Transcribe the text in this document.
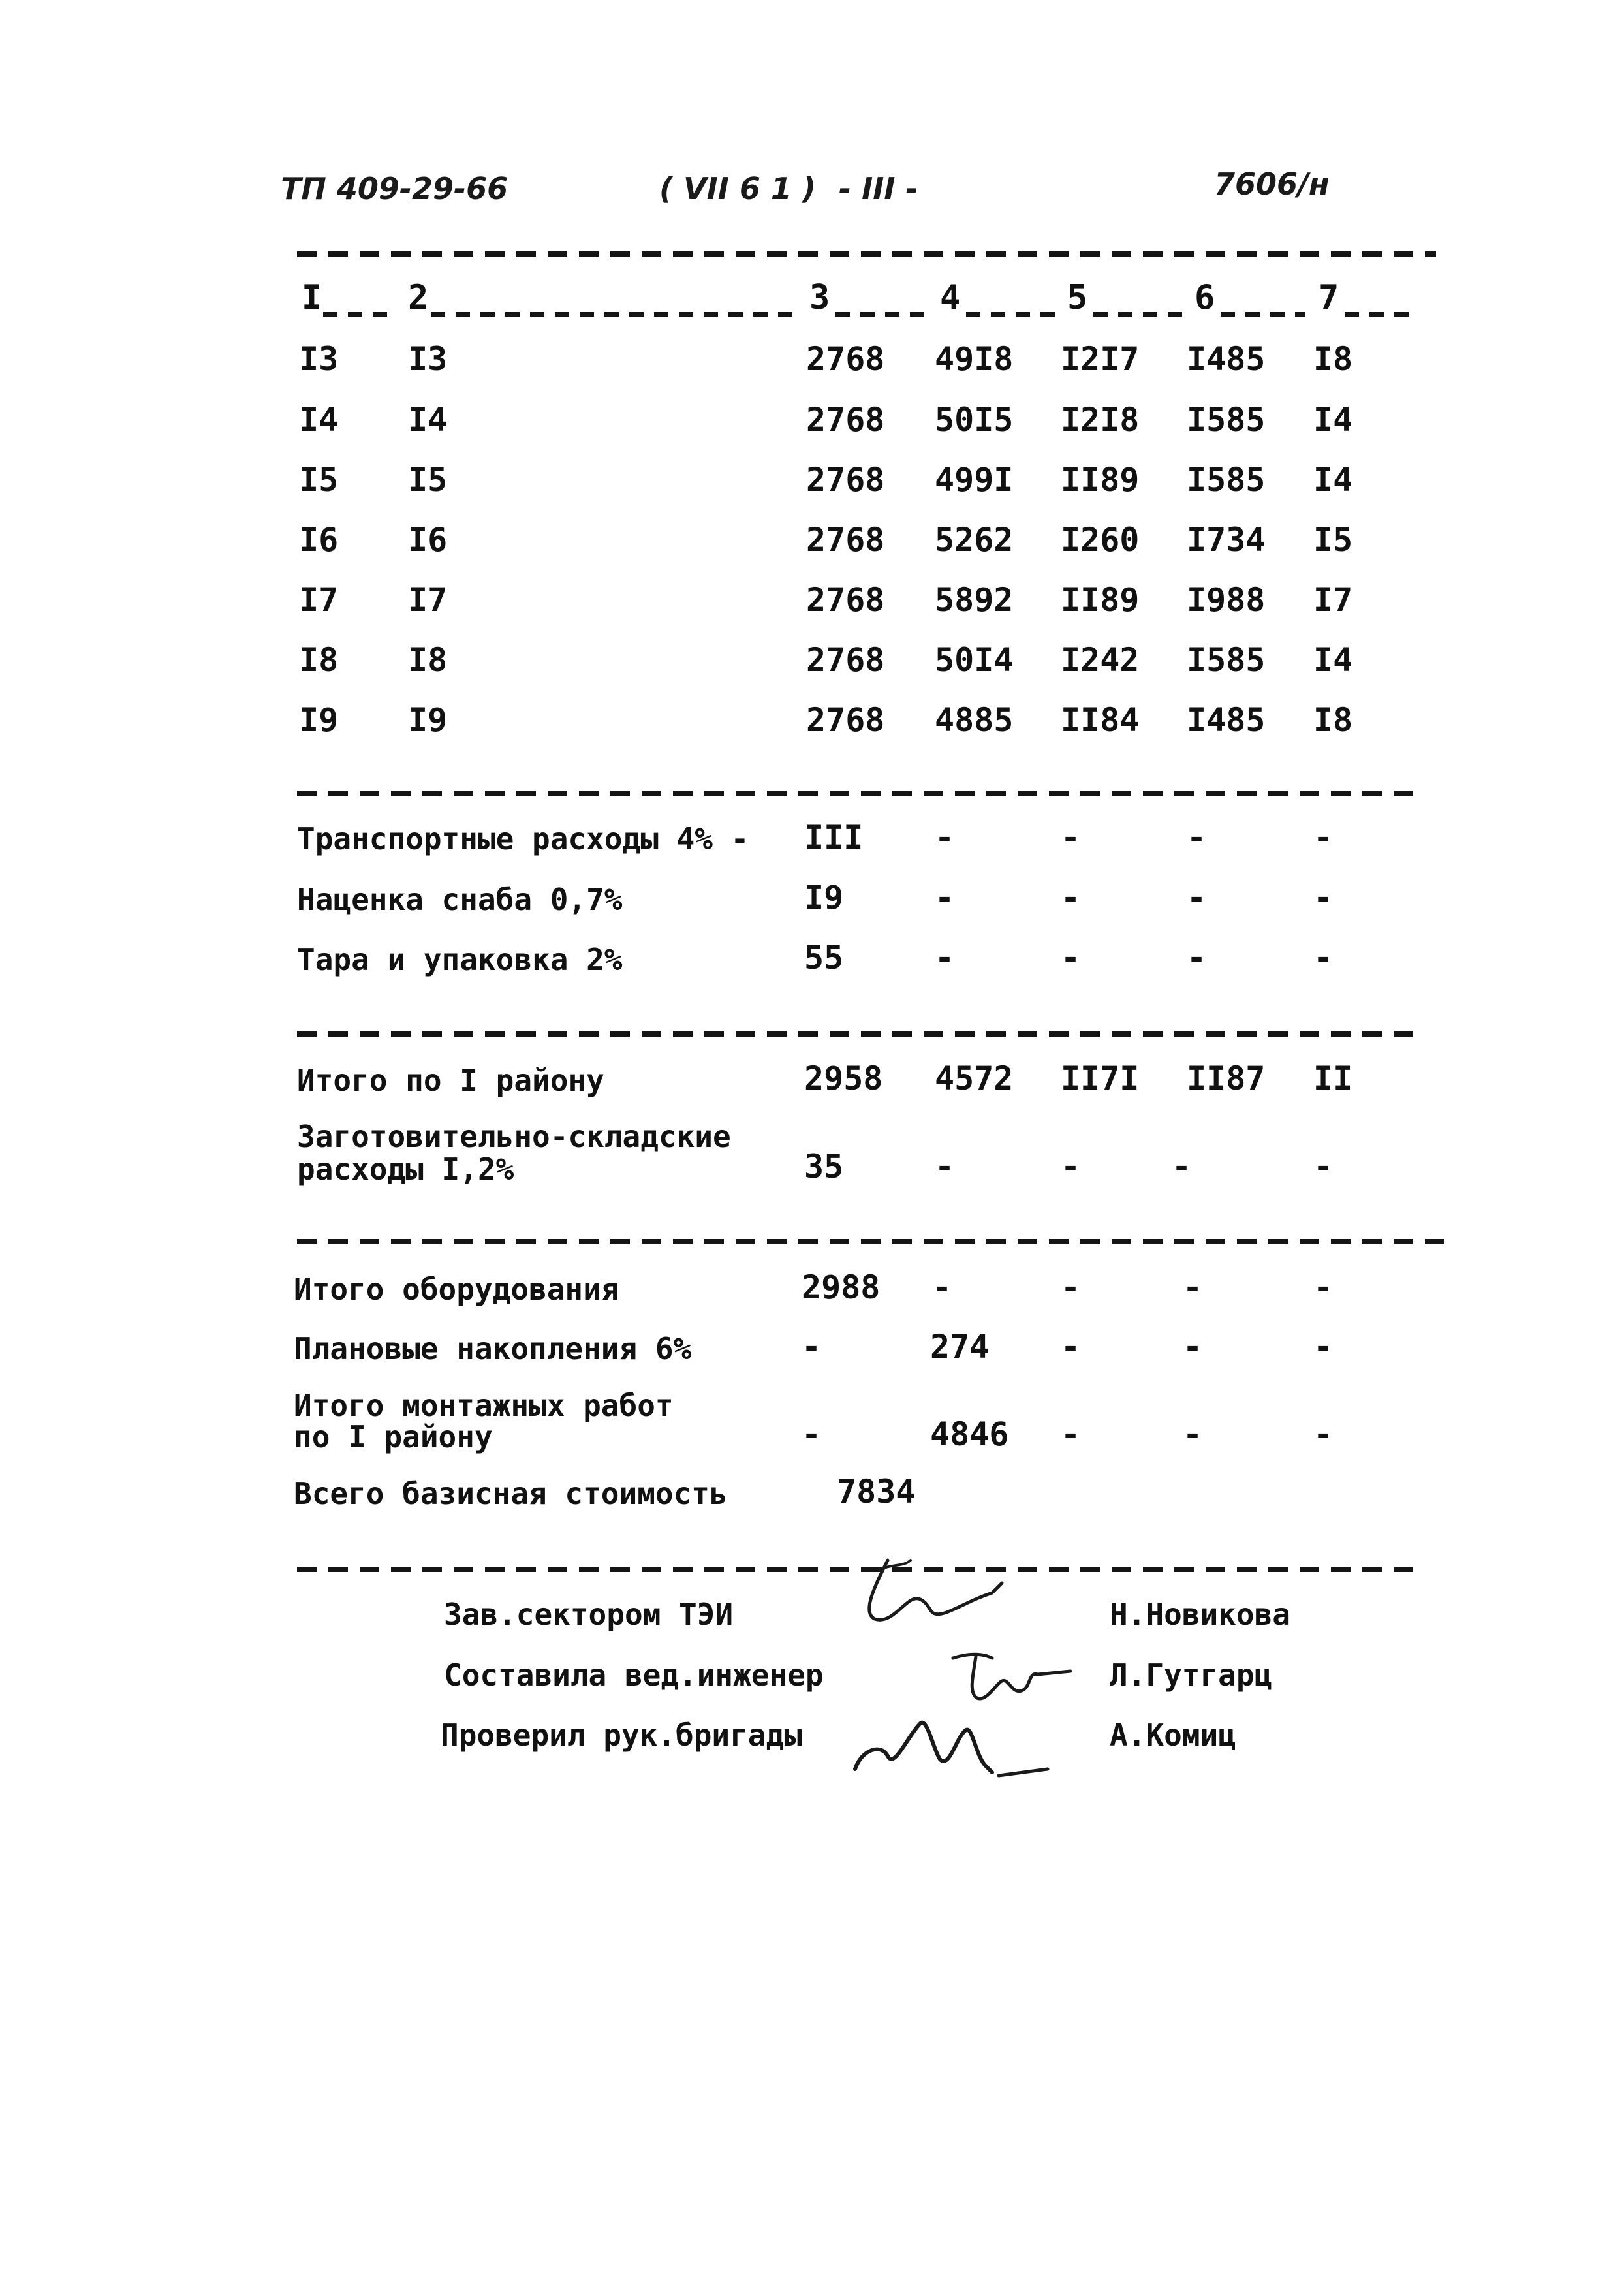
ТП 409-29-66	( VII 6 1 ) - III -	7606/н
I	2	3	4	5	6	7
I3 I3	2768 49I8 I2I7 I485 I8
I4 I4	2768 50I5 I2I8 I585 I4
I5 I5	2768 499I II89 I585 I4
I6 I6	2768 5262 I260 I734 I5
I7 I7	2768 5892 II89 I988 I7
I8 I8	2768 50I4 I242 I585 I4
I9 I9	2768 4885 II84 I485 I8
Транспортные расходы 4% - III -	-	-	-
Наценка снаба 0,7%	I9	-	-	-	-
Тара и упаковка 2%	55	-	-	-	-
Итого по I району	2958 4572 II7I II87 II
Заготовительно-складские
расходы I,2%	35	-	-	-	-
Итого оборудования	2988 -	-	-	-
Плановые накопления 6%	-	274 -	-	-
Итого монтажных работ
по I району	-	4846 -	-	-
Всего базисная стоимость	7834
Зав.сектором ТЭИ	Н.Новикова
Составила вед.инженер	Л.Гутгарц
Проверил рук.бригады	А.Комиц
